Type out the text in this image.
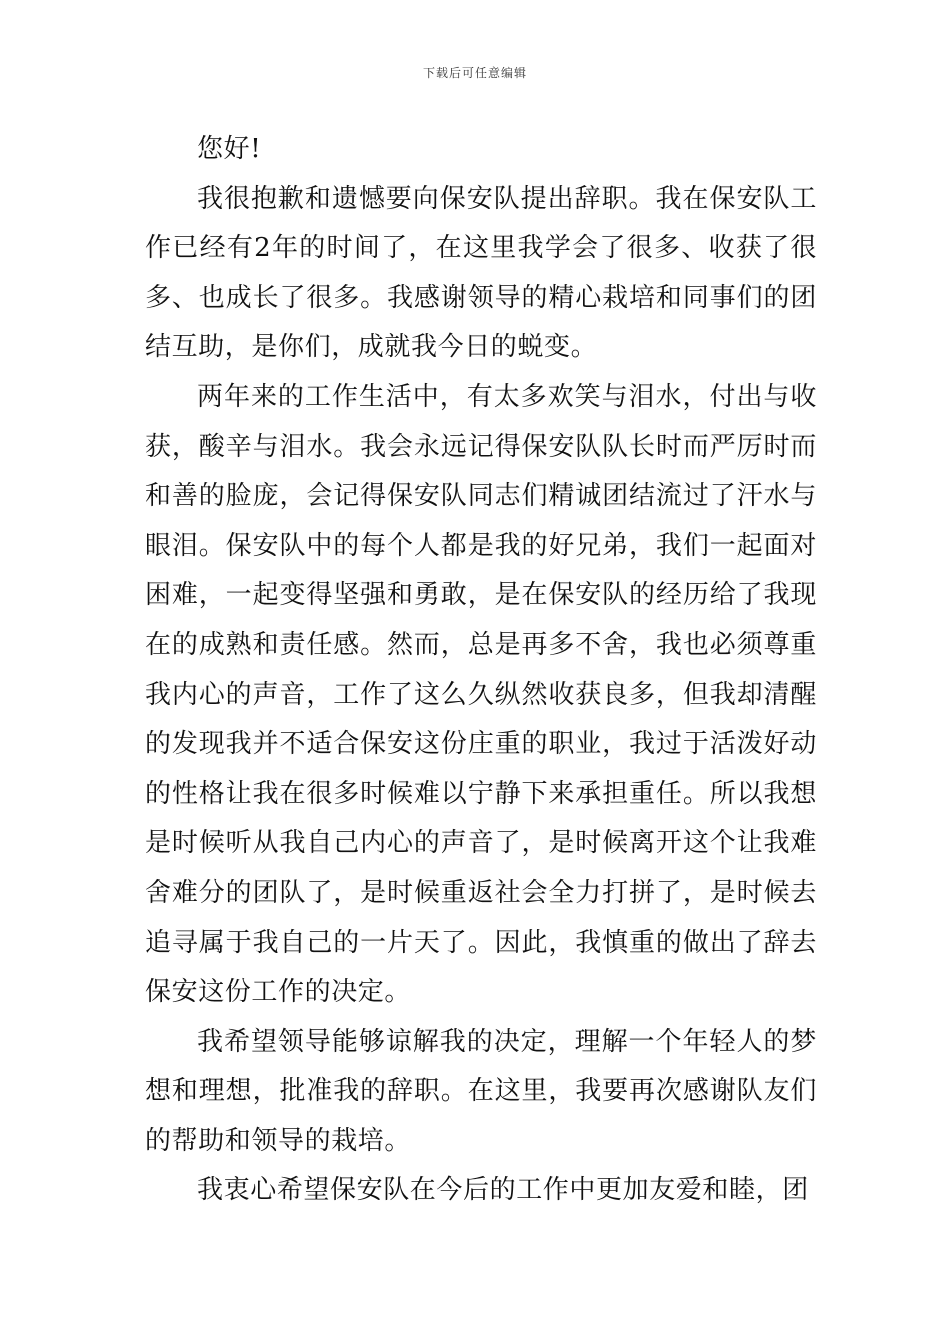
下载后可任意编辑

您好!

我很抱歉和遗憾要向保安队提出辞职。我在保安队工作已经有2年的时间了，在这里我学会了很多、收获了很多、也成长了很多。我感谢领导的精心栽培和同事们的团结互助，是你们，成就我今日的蜕变。

两年来的工作生活中，有太多欢笑与泪水，付出与收获，酸辛与泪水。我会永远记得保安队队长时而严厉时而和善的脸庞，会记得保安队同志们精诚团结流过了汗水与眼泪。保安队中的每个人都是我的好兄弟，我们一起面对困难，一起变得坚强和勇敢，是在保安队的经历给了我现在的成熟和责任感。然而，总是再多不舍，我也必须尊重我内心的声音，工作了这么久纵然收获良多，但我却清醒的发现我并不适合保安这份庄重的职业，我过于活泼好动的性格让我在很多时候难以宁静下来承担重任。所以我想是时候听从我自己内心的声音了，是时候离开这个让我难舍难分的团队了，是时候重返社会全力打拼了，是时候去追寻属于我自己的一片天了。因此，我慎重的做出了辞去保安这份工作的决定。

我希望领导能够谅解我的决定，理解一个年轻人的梦想和理想，批准我的辞职。在这里，我要再次感谢队友们的帮助和领导的栽培。

我衷心希望保安队在今后的工作中更加友爱和睦，团
